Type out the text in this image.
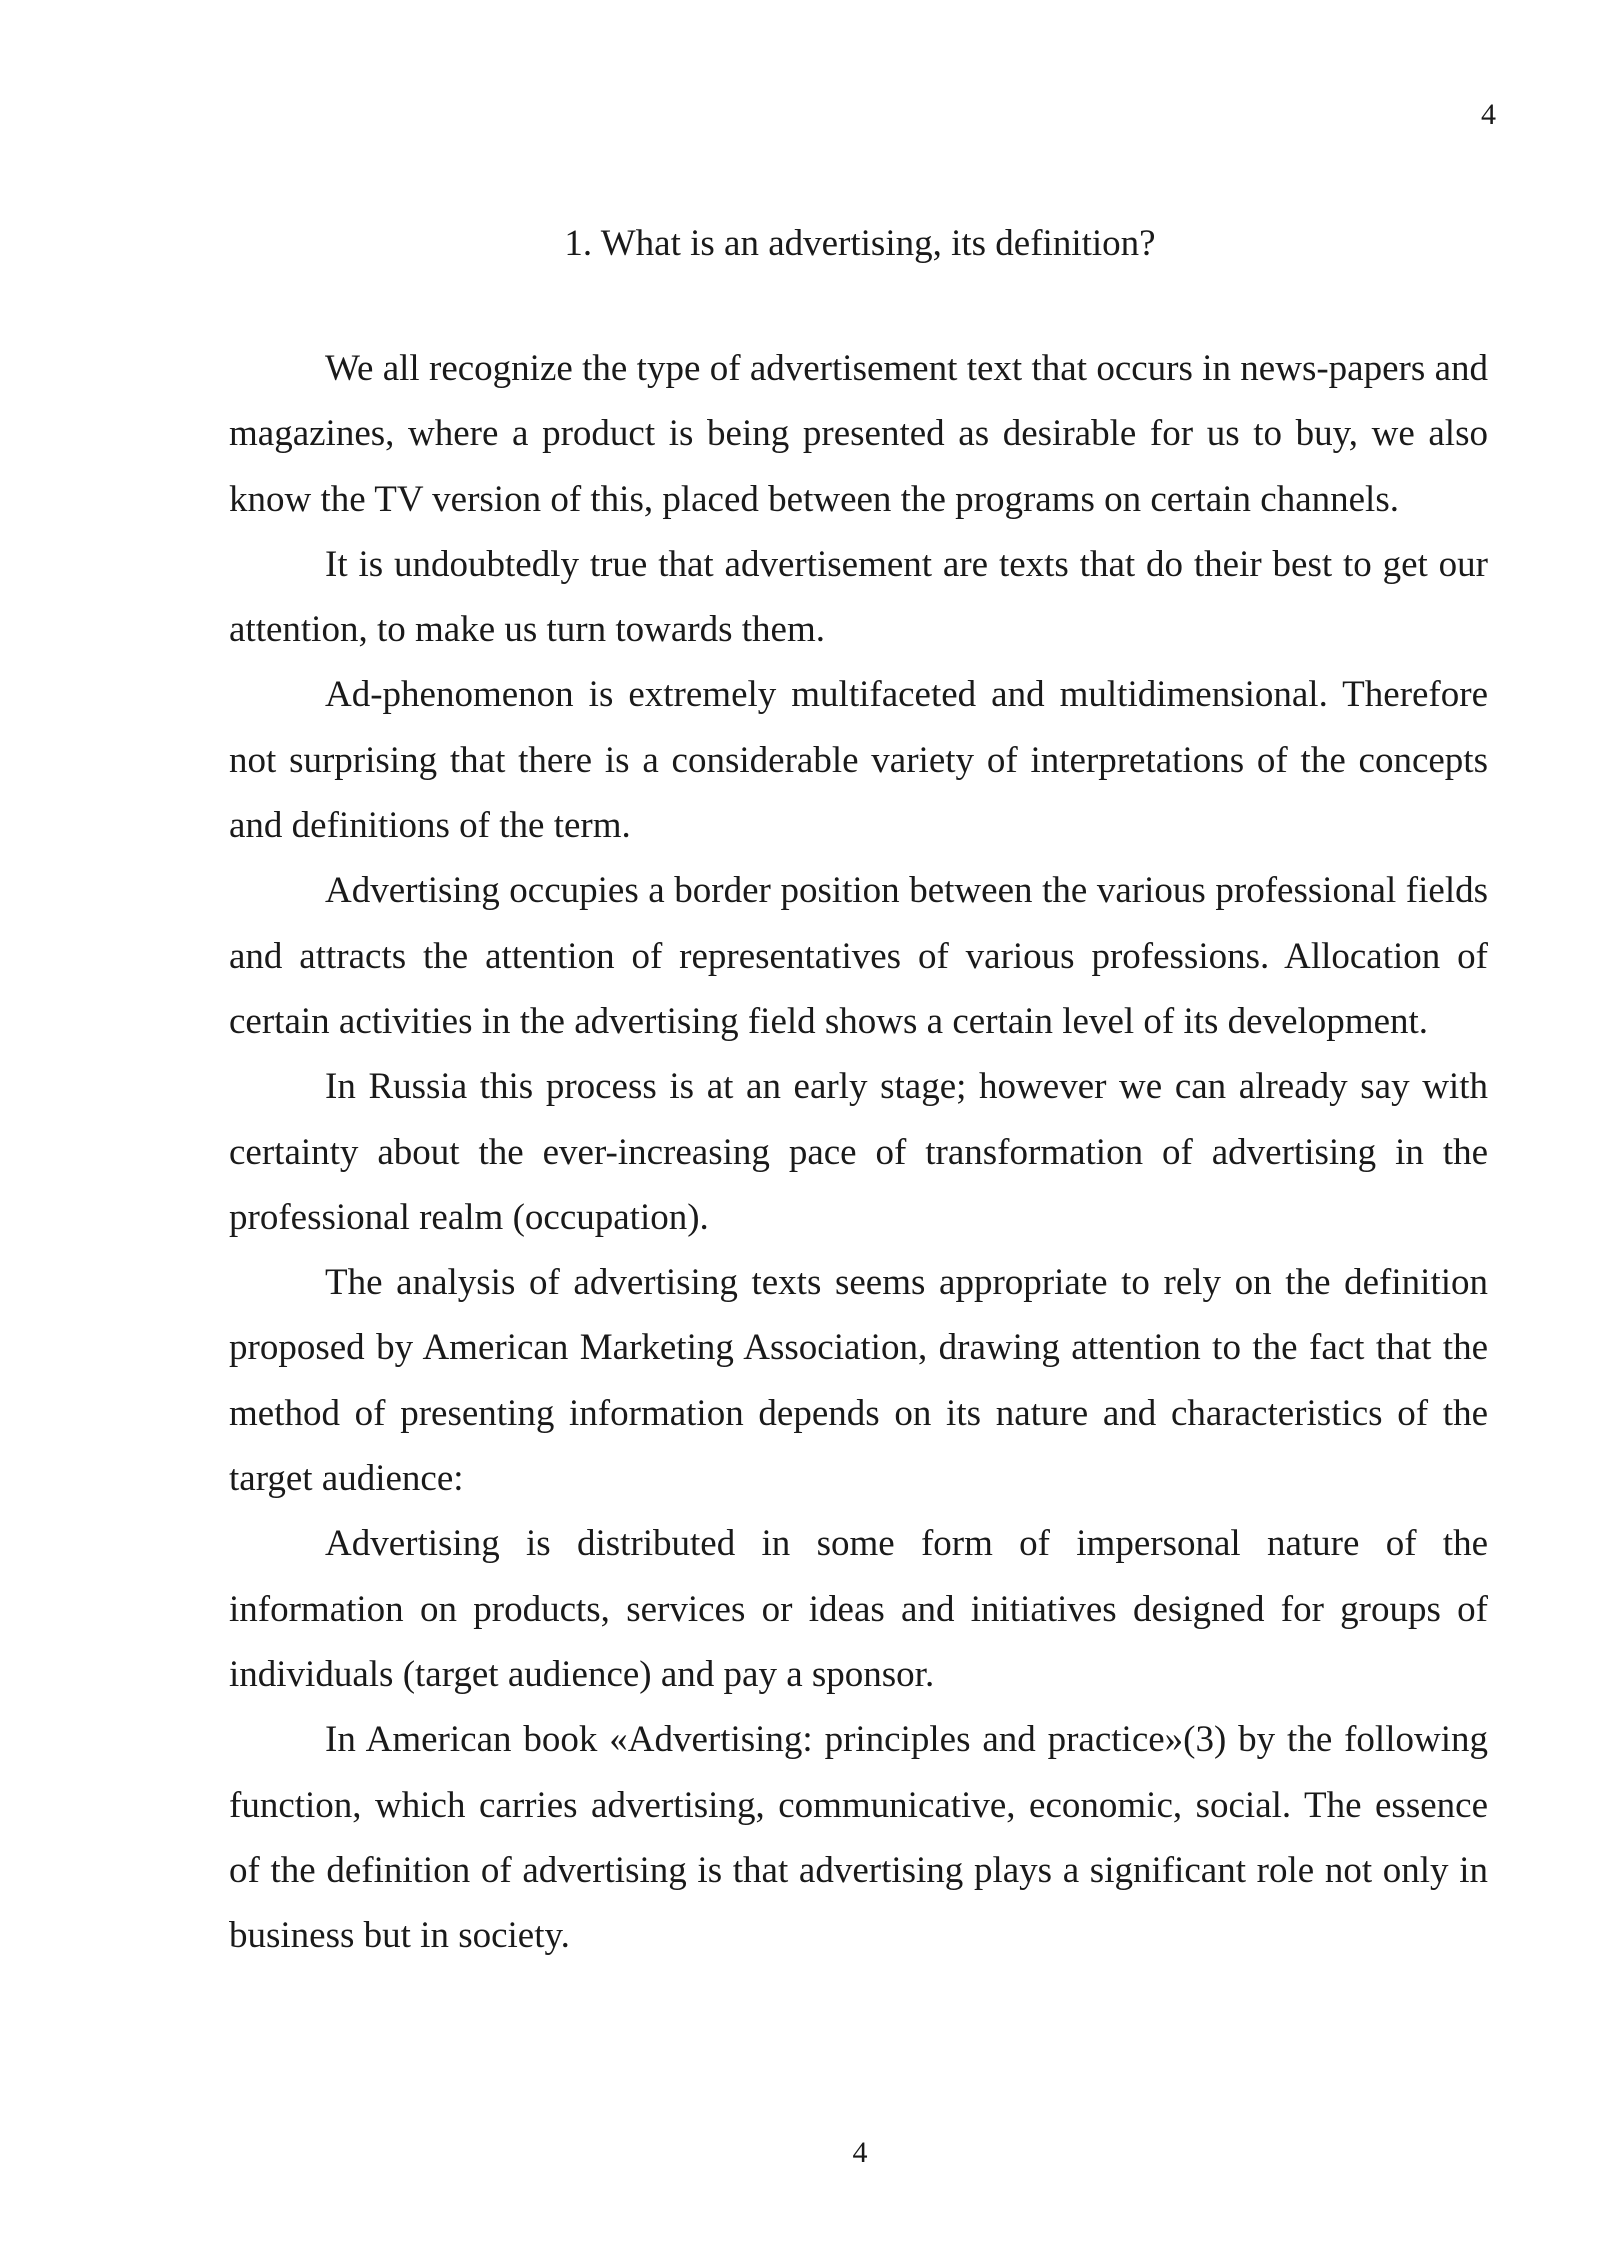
4
1. What is an advertising, its definition?

We all recognize the type of advertisement text that occurs in news-papers and magazines, where a product is being presented as desirable for us to buy, we also know the TV version of this, placed between the programs on certain channels.

It is undoubtedly true that advertisement are texts that do their best to get our attention, to make us turn towards them.

Ad-phenomenon is extremely multifaceted and multidimensional. Therefore not surprising that there is a considerable variety of interpretations of the concepts and definitions of the term.

Advertising occupies a border position between the various professional fields and attracts the attention of representatives of various professions. Allocation of certain activities in the advertising field shows a certain level of its development.

In Russia this process is at an early stage; however we can already say with certainty about the ever-increasing pace of transformation of advertising in the professional realm (occupation).

The analysis of advertising texts seems appropriate to rely on the definition proposed by American Marketing Association, drawing attention to the fact that the method of presenting information depends on its nature and characteristics of the target audience:

Advertising is distributed in some form of impersonal nature of the information on products, services or ideas and initiatives designed for groups of individuals (target audience) and pay a sponsor.

In American book «Advertising: principles and practice»(3) by the following function, which carries advertising, communicative, economic, social. The essence of the definition of advertising is that advertising plays a significant role not only in business but in society.

4
